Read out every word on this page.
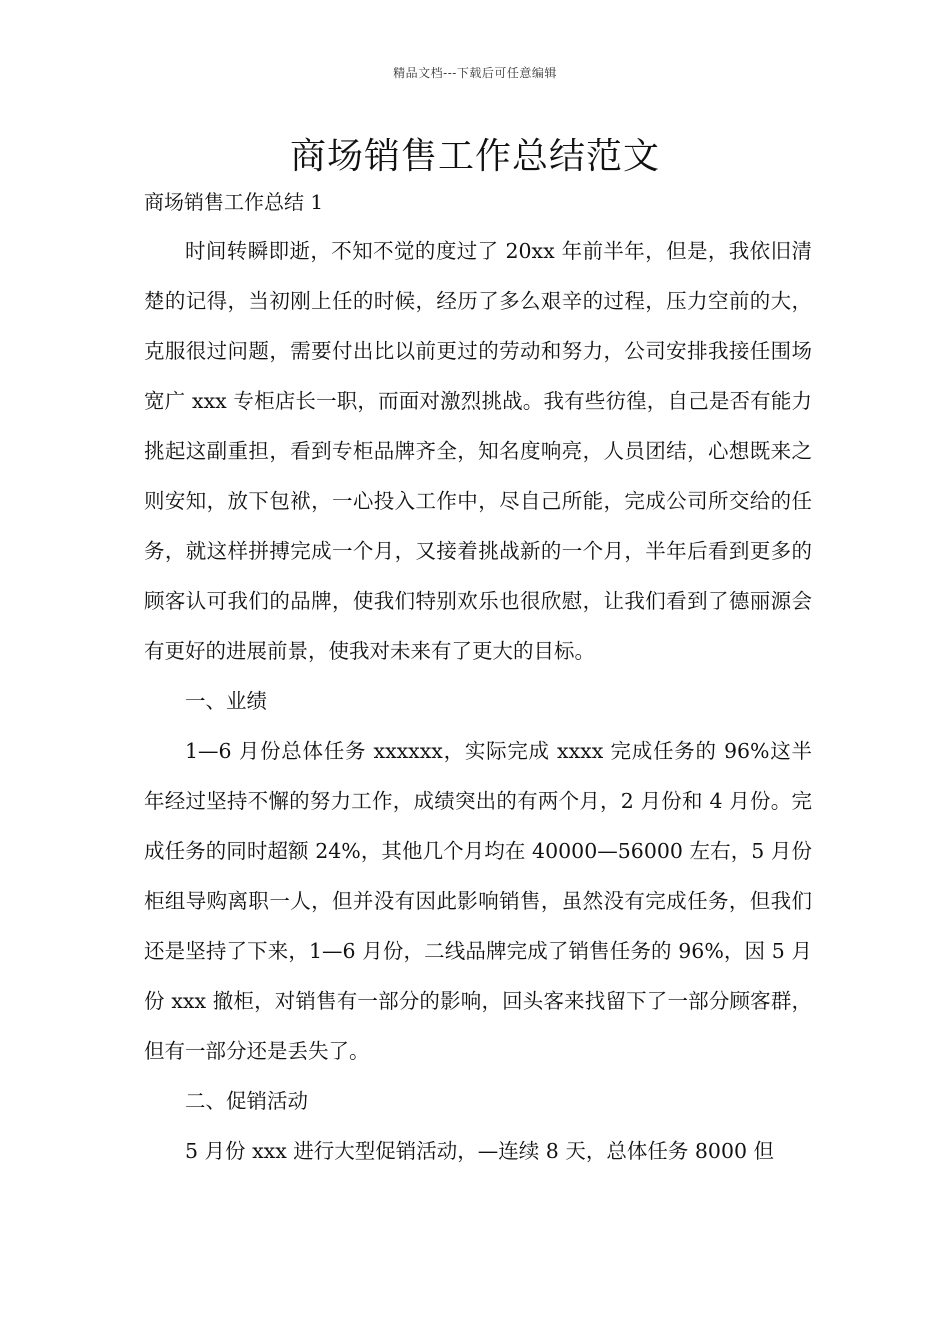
精品文档---下载后可任意编辑
商场销售工作总结范文

商场销售工作总结 1

时间转瞬即逝，不知不觉的度过了 20xx 年前半年，但是，我依旧清楚的记得，当初刚上任的时候，经历了多么艰辛的过程，压力空前的大，克服很过问题，需要付出比以前更过的劳动和努力，公司安排我接任围场宽广 xxx 专柜店长一职，而面对激烈挑战。我有些彷徨，自己是否有能力挑起这副重担，看到专柜品牌齐全，知名度响亮，人员团结，心想既来之则安知，放下包袱，一心投入工作中，尽自己所能，完成公司所交给的任务，就这样拼搏完成一个月，又接着挑战新的一个月，半年后看到更多的顾客认可我们的品牌，使我们特别欢乐也很欣慰，让我们看到了德丽源会有更好的进展前景，使我对未来有了更大的目标。

一、业绩

1—6 月份总体任务 xxxxxx，实际完成 xxxx 完成任务的 96%这半年经过坚持不懈的努力工作，成绩突出的有两个月，2 月份和 4 月份。完成任务的同时超额 24%，其他几个月均在 40000—56000 左右，5 月份柜组导购离职一人，但并没有因此影响销售，虽然没有完成任务，但我们还是坚持了下来，1—6 月份，二线品牌完成了销售任务的 96%，因 5 月份 xxx 撤柜，对销售有一部分的影响，回头客来找留下了一部分顾客群，但有一部分还是丢失了。

二、促销活动

5 月份 xxx 进行大型促销活动，—连续 8 天，总体任务 8000 但
